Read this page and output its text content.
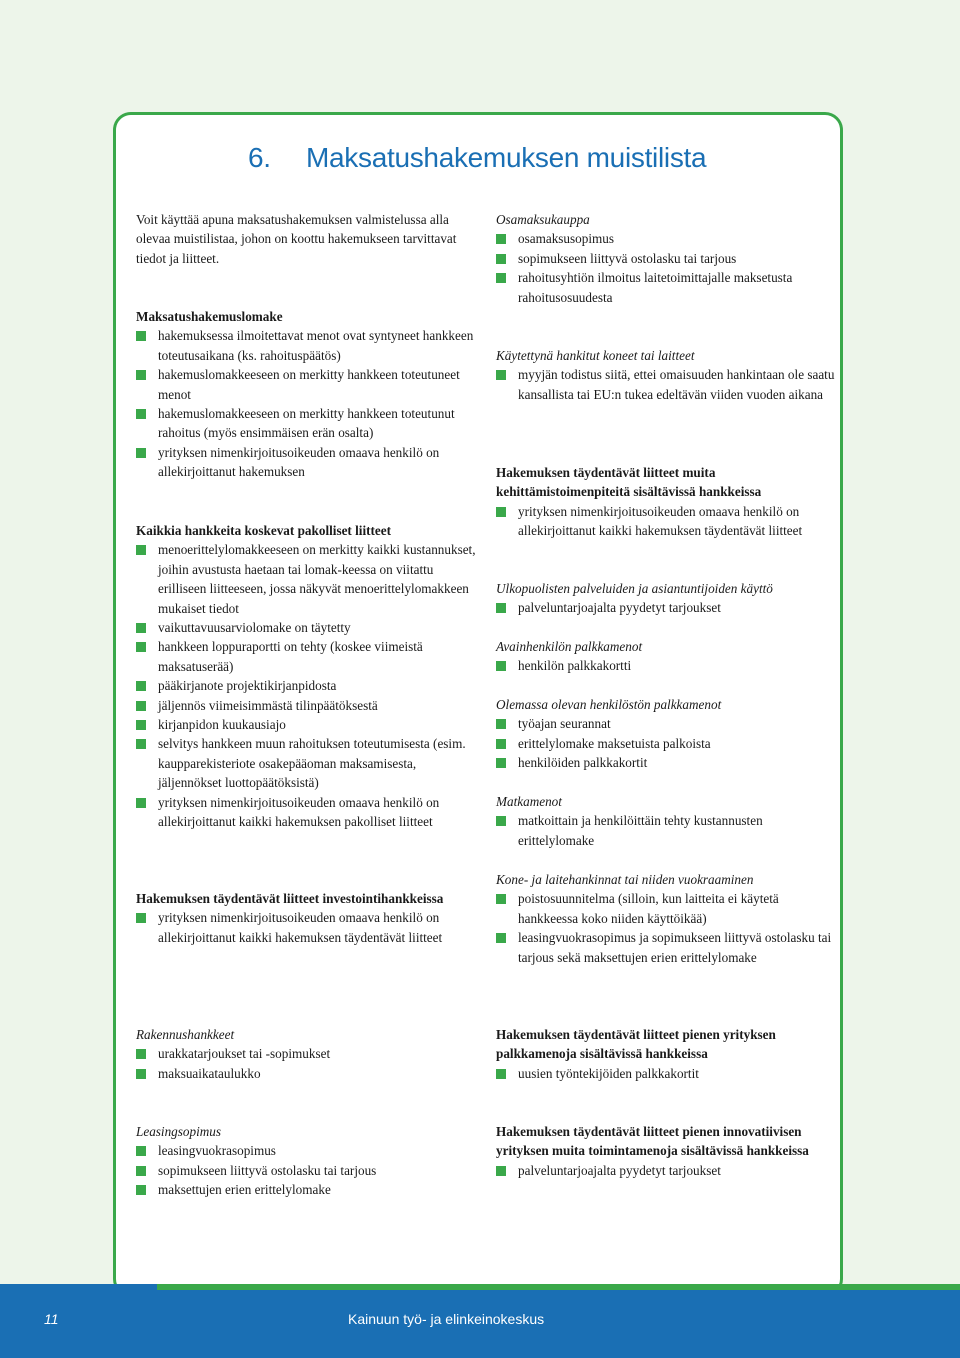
6. Maksatushakemuksen muistilista

Voit käyttää apuna maksatushakemuksen valmistelussa alla olevaa muistilistaa, johon on koottu hakemukseen tarvittavat tiedot ja liitteet.

Maksatushakemuslomake

hakemuksessa ilmoitettavat menot ovat syntyneet hankkeen toteutusaikana (ks. rahoituspäätös)
hakemuslomakkeeseen on merkitty hankkeen toteutuneet menot
hakemuslomakkeeseen on merkitty hankkeen toteutunut rahoitus (myös ensimmäisen erän osalta)
yrityksen nimenkirjoitusoikeuden omaava henkilö on allekirjoittanut hakemuksen

Kaikkia hankkeita koskevat pakolliset liitteet

menoerittelylomakkeeseen on merkitty kaikki kustannukset, joihin avustusta haetaan tai lomak-keessa on viitattu erilliseen liitteeseen, jossa näkyvät menoerittelylomakkeen mukaiset tiedot
vaikuttavuusarviolomake on täytetty
hankkeen loppuraportti on tehty (koskee viimeistä maksatuserää)
pääkirjanote projektikirjanpidosta
jäljennös viimeisimmästä tilinpäätöksestä
kirjanpidon kuukausiajo
selvitys hankkeen muun rahoituksen toteutumisesta (esim. kaupparekisteriote osakepääoman maksamisesta, jäljennökset luottopäätöksistä)
yrityksen nimenkirjoitusoikeuden omaava henkilö on allekirjoittanut kaikki hakemuksen pakolliset liitteet

Hakemuksen täydentävät liitteet investointihankkeissa

yrityksen nimenkirjoitusoikeuden omaava henkilö on allekirjoittanut kaikki hakemuksen täydentävät liitteet

Rakennushankkeet

urakkatarjoukset tai -sopimukset
maksuaikataulukko

Leasingsopimus

leasingvuokrasopimus
sopimukseen liittyvä ostolasku tai tarjous
maksettujen erien erittelylomake

Osamaksukauppa

osamaksusopimus
sopimukseen liittyvä ostolasku tai tarjous
rahoitusyhtiön ilmoitus laitetoimittajalle maksetusta rahoitusosuudesta

Käytettynä hankitut koneet tai laitteet

myyjän todistus siitä, ettei omaisuuden hankintaan ole saatu kansallista tai EU:n tukea edeltävän viiden vuoden aikana

Hakemuksen täydentävät liitteet muita kehittämistoimenpiteitä sisältävissä hankkeissa

yrityksen nimenkirjoitusoikeuden omaava henkilö on allekirjoittanut kaikki hakemuksen täydentävät liitteet

Ulkopuolisten palveluiden ja asiantuntijoiden käyttö

palveluntarjoajalta pyydetyt tarjoukset

Avainhenkilön palkkamenot

henkilön palkkakortti

Olemassa olevan henkilöstön palkkamenot

työajan seurannat
erittelylomake maksetuista palkoista
henkilöiden palkkakortit

Matkamenot

matkoittain ja henkilöittäin tehty kustannusten erittelylomake

Kone- ja laitehankinnat tai niiden vuokraaminen

poistosuunnitelma (silloin, kun laitteita ei käytetä hankkeessa koko niiden käyttöikää)
leasingvuokrasopimus ja sopimukseen liittyvä ostolasku tai tarjous sekä maksettujen erien erittelylomake

Hakemuksen täydentävät liitteet pienen yrityksen palkkamenoja sisältävissä hankkeissa

uusien työntekijöiden palkkakortit

Hakemuksen täydentävät liitteet pienen innovatiivisen yrityksen muita toimintamenoja sisältävissä hankkeissa

palveluntarjoajalta pyydetyt tarjoukset
11	Kainuun työ- ja elinkeinokeskus
